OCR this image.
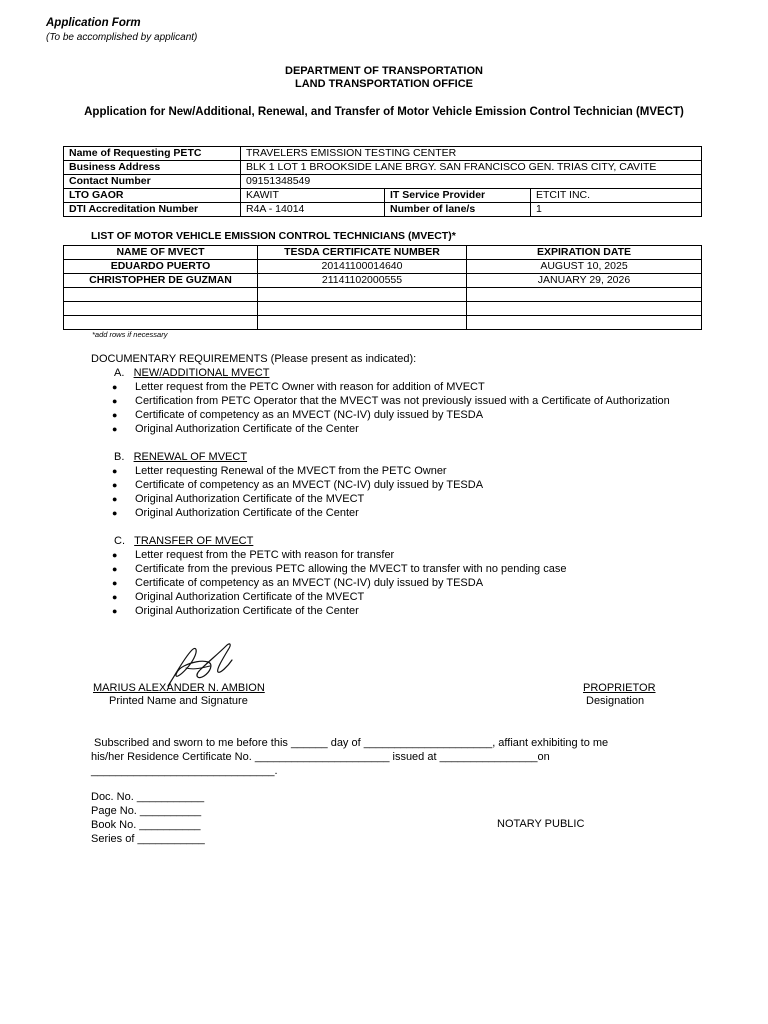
Application Form
(To be accomplished by applicant)
DEPARTMENT OF TRANSPORTATION
LAND TRANSPORTATION OFFICE
Application for New/Additional, Renewal, and Transfer of Motor Vehicle Emission Control Technician (MVECT)
Name of Requesting PETC	TRAVELERS EMISSION TESTING CENTER		
Business Address	BLK 1 LOT 1 BROOKSIDE LANE BRGY. SAN FRANCISCO GEN. TRIAS CITY, CAVITE		
Contact Number	09151348549		
LTO GAOR	KAWIT	IT Service Provider	ETCIT INC.
DTI Accreditation Number	R4A - 14014	Number of lane/s	1
LIST OF MOTOR VEHICLE EMISSION CONTROL TECHNICIANS (MVECT)*
NAME OF MVECT	TESDA CERTIFICATE NUMBER	EXPIRATION DATE
EDUARDO PUERTO	20141100014640	AUGUST 10, 2025
CHRISTOPHER DE GUZMAN	21141102000555	JANUARY 29, 2026

*add rows if necessary
DOCUMENTARY REQUIREMENTS (Please present as indicated):
A. NEW/ADDITIONAL MVECT
● Letter request from the PETC Owner with reason for addition of MVECT
● Certification from PETC Operator that the MVECT was not previously issued with a Certificate of Authorization
● Certificate of competency as an MVECT (NC-IV) duly issued by TESDA
● Original Authorization Certificate of the Center
B. RENEWAL OF MVECT
● Letter requesting Renewal of the MVECT from the PETC Owner
● Certificate of competency as an MVECT (NC-IV) duly issued by TESDA
● Original Authorization Certificate of the MVECT
● Original Authorization Certificate of the Center
C. TRANSFER OF MVECT
● Letter request from the PETC with reason for transfer
● Certificate from the previous PETC allowing the MVECT to transfer with no pending case
● Certificate of competency as an MVECT (NC-IV) duly issued by TESDA
● Original Authorization Certificate of the MVECT
● Original Authorization Certificate of the Center
MARIUS ALEXANDER N. AMBION
Printed Name and Signature
PROPRIETOR
Designation
Subscribed and sworn to me before this ______ day of _____________________, affiant exhibiting to me
his/her Residence Certificate No. ______________________ issued at ________________on
______________________________.
Doc. No. ___________
Page No. __________
Book No. __________
Series of ___________
NOTARY PUBLIC
